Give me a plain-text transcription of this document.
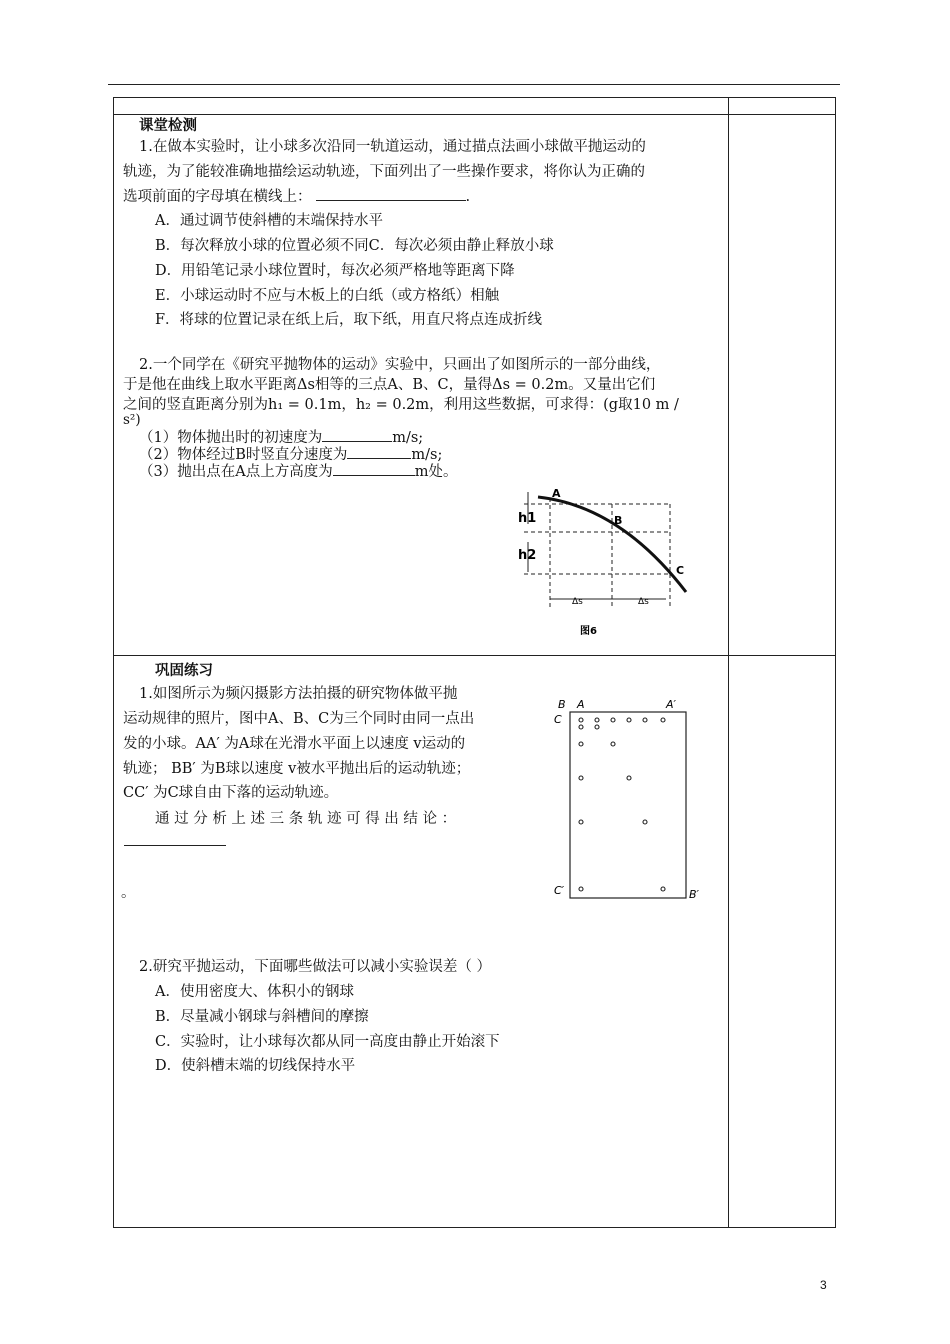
课堂检测
1.在做本实验时，让小球多次沿同一轨道运动，通过描点法画小球做平抛运动的
轨迹，为了能较准确地描绘运动轨迹，下面列出了一些操作要求，将你认为正确的
选项前面的字母填在横线上：	.
A．通过调节使斜槽的末端保持水平
B．每次释放小球的位置必须不同C．每次必须由静止释放小球
D．用铅笔记录小球位置时，每次必须严格地等距离下降
E．小球运动时不应与木板上的白纸（或方格纸）相触
F．将球的位置记录在纸上后，取下纸，用直尺将点连成折线
2.一个同学在《研究平抛物体的运动》实验中，只画出了如图所示的一部分曲线，
于是他在曲线上取水平距离Δs相等的三点A、B、C，量得Δs = 0.2m。又量出它们
之间的竖直距离分别为h₁ = 0.1m，h₂ = 0.2m，利用这些数据，可求得：(g取10 m /
s²)
（1）物体抛出时的初速度为	m/s;
（2）物体经过B时竖直分速度为	m/s;
（3）抛出点在A点上方高度为	m处。
A
B
C
h1
h2
Δs	Δs
图6
巩固练习
1.如图所示为频闪摄影方法拍摄的研究物体做平抛
运动规律的照片，图中A、B、C为三个同时由同一点出
发的小球。AA′ 为A球在光滑水平面上以速度 v运动的
轨迹； BB′ 为B球以速度 v被水平抛出后的运动轨迹；
CC′ 为C球自由下落的运动轨迹。
通 过 分 析 上 述 三 条 轨 迹 可 得 出 结 论 ：
。
B A	A′
C
C′	B′
2.研究平抛运动，下面哪些做法可以减小实验误差（ ）
A．使用密度大、体积小的钢球
B．尽量减小钢球与斜槽间的摩擦
C．实验时，让小球每次都从同一高度由静止开始滚下
D．使斜槽末端的切线保持水平
3
